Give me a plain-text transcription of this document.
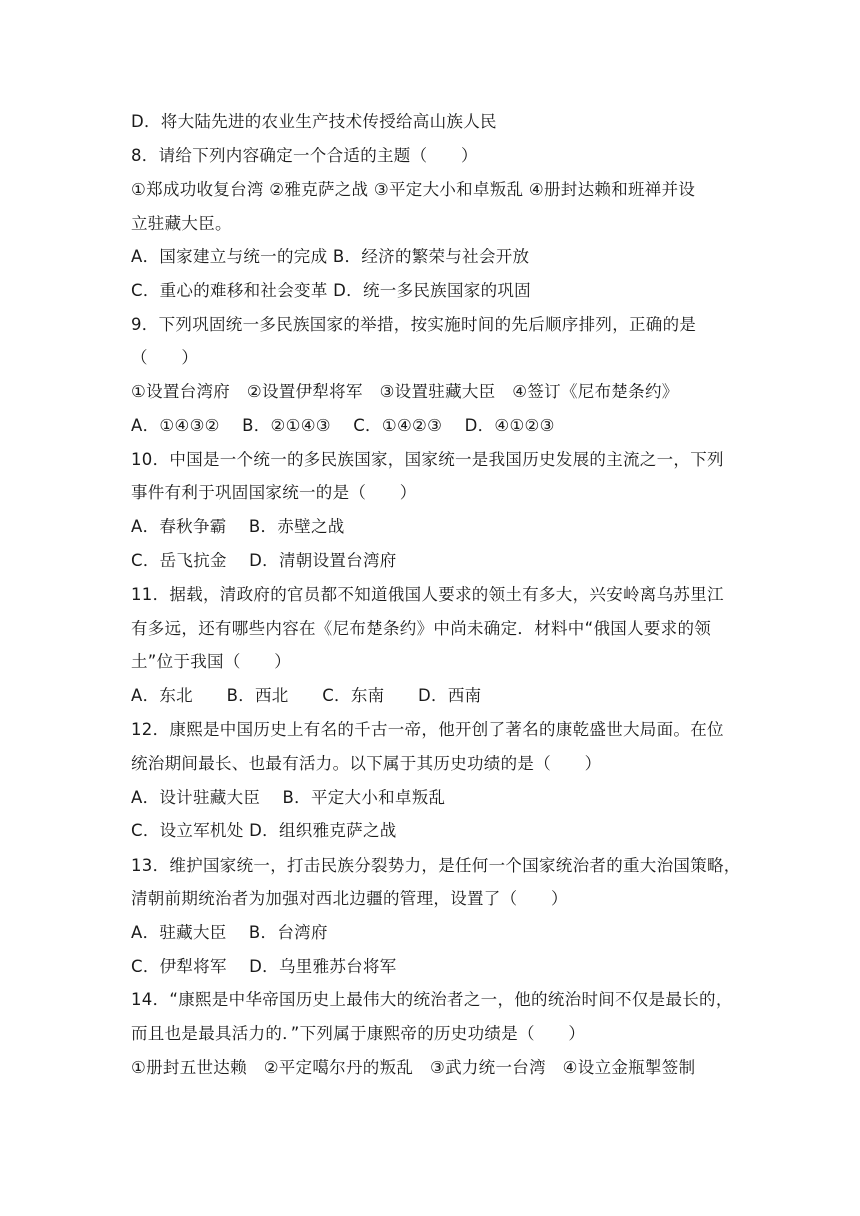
D．将大陆先进的农业生产技术传授给高山族人民
8．请给下列内容确定一个合适的主题（　　）
①郑成功收复台湾 ②雅克萨之战 ③平定大小和卓叛乱 ④册封达赖和班禅并设
立驻藏大臣。
A．国家建立与统一的完成 B．经济的繁荣与社会开放
C．重心的难移和社会变革 D．统一多民族国家的巩固
9．下列巩固统一多民族国家的举措，按实施时间的先后顺序排列，正确的是
（　　）
①设置台湾府　②设置伊犁将军　③设置驻藏大臣　④签订《尼布楚条约》
A．①④③②　 B．②①④③　 C．①④②③　 D．④①②③
10．中国是一个统一的多民族国家，国家统一是我国历史发展的主流之一，下列
事件有利于巩固国家统一的是（　　）
A．春秋争霸　 B．赤壁之战
C．岳飞抗金　 D．清朝设置台湾府
11．据载，清政府的官员都不知道俄国人要求的领土有多大，兴安岭离乌苏里江
有多远，还有哪些内容在《尼布楚条约》中尚未确定．材料中“俄国人要求的领
土”位于我国（　　）
A．东北　　B．西北　　C．东南　　D．西南
12．康熙是中国历史上有名的千古一帝，他开创了著名的康乾盛世大局面。在位
统治期间最长、也最有活力。以下属于其历史功绩的是（　　）
A．设计驻藏大臣　 B．平定大小和卓叛乱
C．设立军机处 D．组织雅克萨之战
13．维护国家统一，打击民族分裂势力，是任何一个国家统治者的重大治国策略，
清朝前期统治者为加强对西北边疆的管理，设置了（　　）
A．驻藏大臣　 B．台湾府
C．伊犁将军　 D．乌里雅苏台将军
14．“康熙是中华帝国历史上最伟大的统治者之一，他的统治时间不仅是最长的，
而且也是最具活力的．”下列属于康熙帝的历史功绩是（　　）
①册封五世达赖　②平定噶尔丹的叛乱　③武力统一台湾　④设立金瓶掣签制
